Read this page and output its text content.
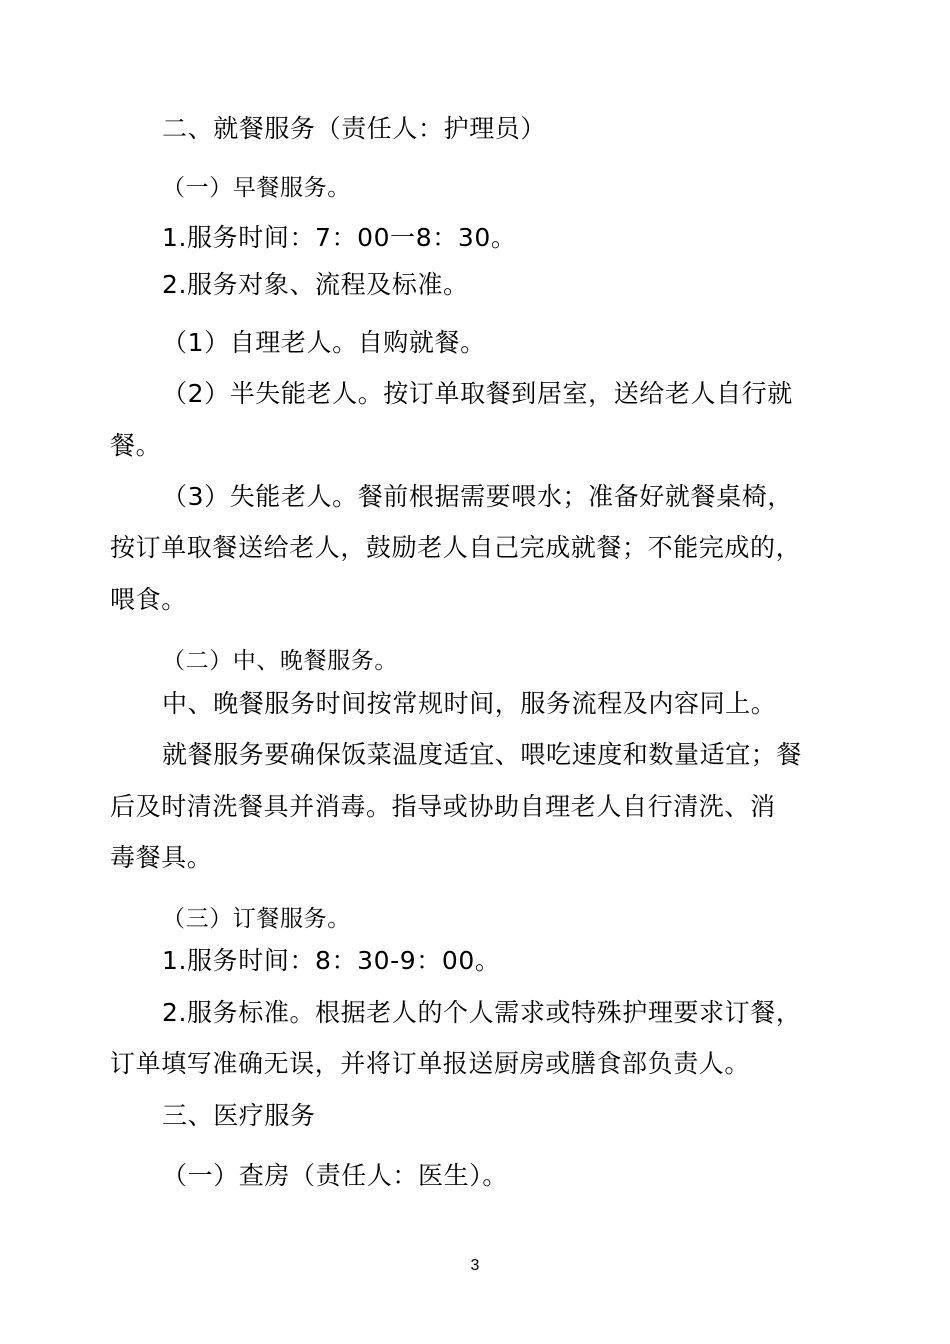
二、就餐服务（责任人：护理员）
（一）早餐服务。
1.服务时间：7：00一8：30。
2.服务对象、流程及标准。
（1）自理老人。自购就餐。
（2）半失能老人。按订单取餐到居室，送给老人自行就
餐。
（3）失能老人。餐前根据需要喂水；准备好就餐桌椅，
按订单取餐送给老人，鼓励老人自己完成就餐；不能完成的，
喂食。
（二）中、晚餐服务。
中、晚餐服务时间按常规时间，服务流程及内容同上。
就餐服务要确保饭菜温度适宜、喂吃速度和数量适宜；餐
后及时清洗餐具并消毒。指导或协助自理老人自行清洗、消
毒餐具。
（三）订餐服务。
1.服务时间：8：30-9：00。
2.服务标准。根据老人的个人需求或特殊护理要求订餐，
订单填写准确无误，并将订单报送厨房或膳食部负责人。
三、医疗服务
（一）查房（责任人：医生）。
3
